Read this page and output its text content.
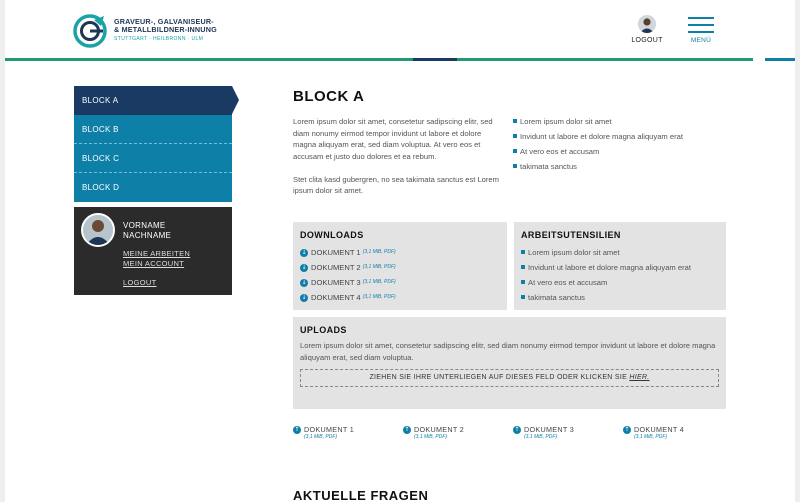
GRAVEUR-, GALVANISEUR-
& METALLBILDNER-INNUNG
STUTTGART · HEILBRONN · ULM	LOGOUT	MENÜ
BLOCK A
BLOCK B
BLOCK C
BLOCK D
VORNAME
NACHNAME
MEINE ARBEITEN
MEIN ACCOUNT
LOGOUT
BLOCK A

Lorem ipsum dolor sit amet, consetetur sadipscing elitr, sed diam nonumy eirmod tempor invidunt ut labore et dolore magna aliquyam erat, sed diam voluptua. At vero eos et accusam et justo duo dolores et ea rebum.

Stet clita kasd gubergren, no sea takimata sanctus est Lorem ipsum dolor sit amet.

Lorem ipsum dolor sit amet
Invidunt ut labore et dolore magna aliquyam erat
At vero eos et accusam
takimata sanctus
DOWNLOADS
↓ DOKUMENT 1 (3,1 MiB, PDF)
↓ DOKUMENT 2 (3,1 MiB, PDF)
↓ DOKUMENT 3 (3,1 MiB, PDF)
↓ DOKUMENT 4 (3,1 MiB, PDF)
ARBEITSUTENSILIEN
Lorem ipsum dolor sit amet
Invidunt ut labore et dolore magna aliquyam erat
At vero eos et accusam
takimata sanctus
UPLOADS
Lorem ipsum dolor sit amet, consetetur sadipscing elitr, sed diam nonumy eirmod tempor invidunt ut labore et dolore magna aliquyam erat, sed diam voluptua.
ZIEHEN SIE IHRE UNTERLIEGEN AUF DIESES FELD ODER KLICKEN SIE HIER.
↑ DOKUMENT 1
(3,1 MiB, PDF)
↑ DOKUMENT 2
(3,1 MiB, PDF)
↑ DOKUMENT 3
(3,1 MiB, PDF)
↑ DOKUMENT 4
(3,1 MiB, PDF)
AKTUELLE FRAGEN
